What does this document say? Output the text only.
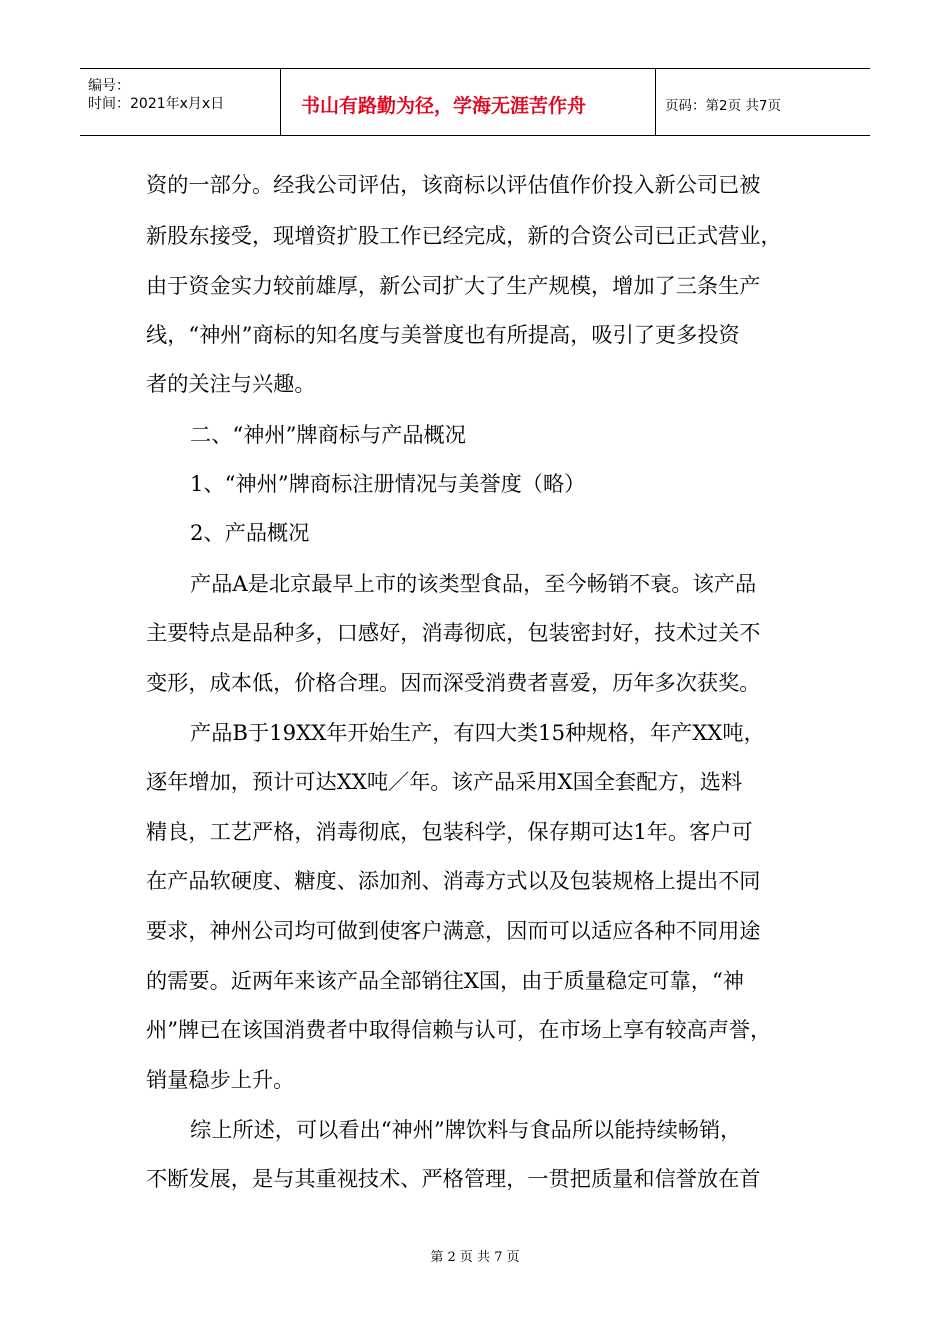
编号：
时间：2021年x月x日	书山有路勤为径，学海无涯苦作舟	页码：第2页 共7页
资的一部分。经我公司评估，该商标以评估值作价投入新公司已被
新股东接受，现增资扩股工作已经完成，新的合资公司已正式营业，
由于资金实力较前雄厚，新公司扩大了生产规模，增加了三条生产
线，“神州”商标的知名度与美誉度也有所提高，吸引了更多投资
者的关注与兴趣。
二、“神州”牌商标与产品概况
1、“神州”牌商标注册情况与美誉度（略）
2、产品概况
产品A是北京最早上市的该类型食品，至今畅销不衰。该产品
主要特点是品种多，口感好，消毒彻底，包装密封好，技术过关不
变形，成本低，价格合理。因而深受消费者喜爱，历年多次获奖。
产品B于19XX年开始生产，有四大类15种规格，年产XX吨，
逐年增加，预计可达XX吨／年。该产品采用X国全套配方，选料
精良，工艺严格，消毒彻底，包装科学，保存期可达1年。客户可
在产品软硬度、糖度、添加剂、消毒方式以及包装规格上提出不同
要求，神州公司均可做到使客户满意，因而可以适应各种不同用途
的需要。近两年来该产品全部销往X国，由于质量稳定可靠，“神
州”牌已在该国消费者中取得信赖与认可，在市场上享有较高声誉，
销量稳步上升。
综上所述，可以看出“神州”牌饮料与食品所以能持续畅销，
不断发展，是与其重视技术、严格管理，一贯把质量和信誉放在首
第 2 页 共 7 页
